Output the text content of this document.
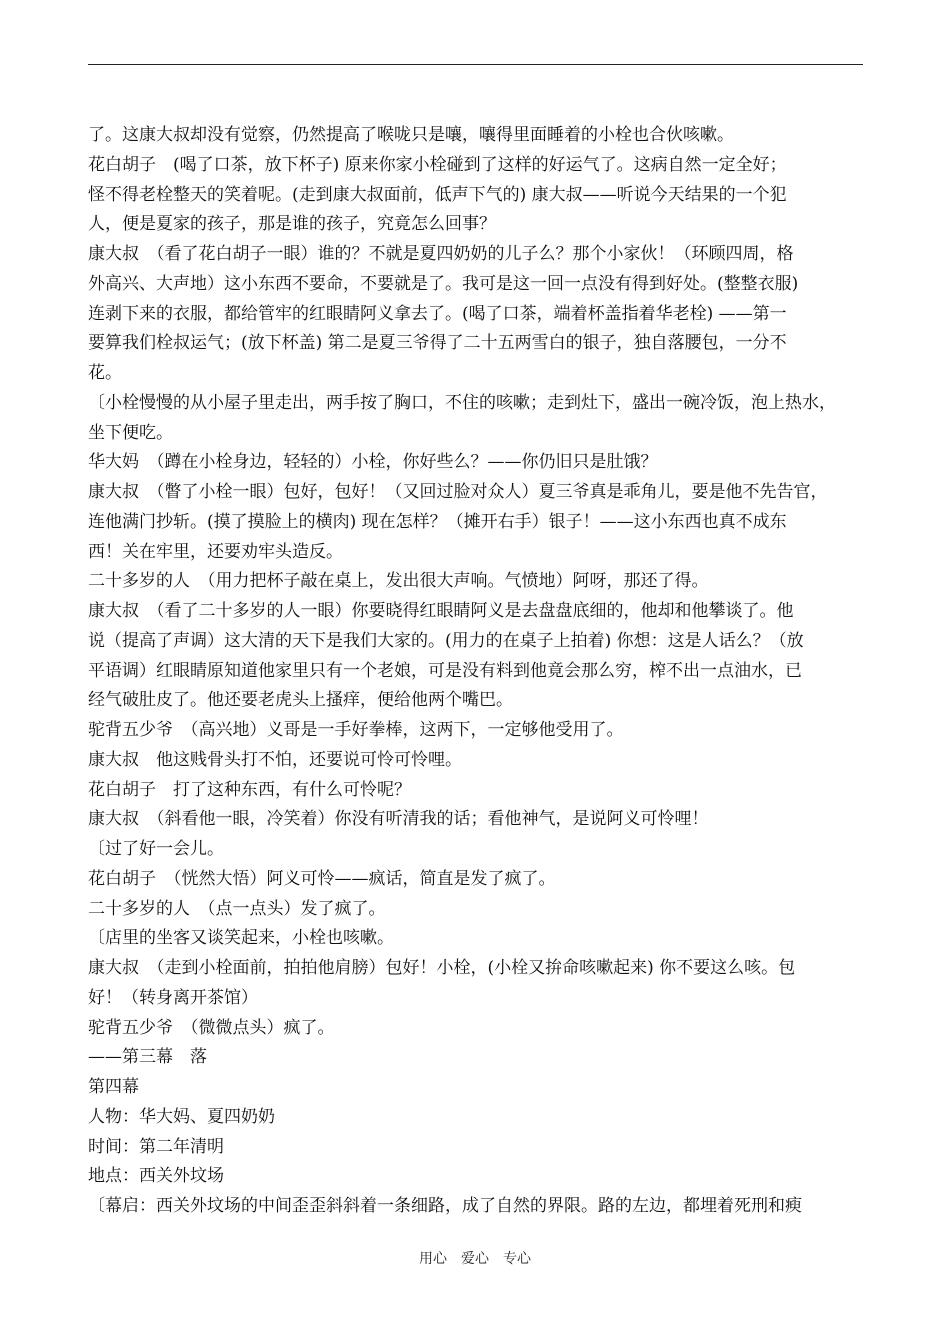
了。这康大叔却没有觉察，仍然提高了喉咙只是嚷，嚷得里面睡着的小栓也合伙咳嗽。
花白胡子　(喝了口茶，放下杯子) 原来你家小栓碰到了这样的好运气了。这病自然一定全好；
怪不得老栓整天的笑着呢。(走到康大叔面前，低声下气的) 康大叔——听说今天结果的一个犯
人，便是夏家的孩子，那是谁的孩子，究竟怎么回事？
康大叔　（看了花白胡子一眼）谁的？不就是夏四奶奶的儿子么？那个小家伙！（环顾四周，格
外高兴、大声地）这小东西不要命，不要就是了。我可是这一回一点没有得到好处。(整整衣服)
连剥下来的衣服，都给管牢的红眼睛阿义拿去了。(喝了口茶，端着杯盖指着华老栓) ——第一
要算我们栓叔运气；(放下杯盖) 第二是夏三爷得了二十五两雪白的银子，独自落腰包，一分不
花。
〔小栓慢慢的从小屋子里走出，两手按了胸口，不住的咳嗽；走到灶下，盛出一碗冷饭，泡上热水，
坐下便吃。
华大妈　（蹲在小栓身边，轻轻的）小栓，你好些么？——你仍旧只是肚饿？
康大叔　（瞥了小栓一眼）包好，包好！（又回过脸对众人）夏三爷真是乖角儿，要是他不先告官，
连他满门抄斩。(摸了摸脸上的横肉) 现在怎样？（摊开右手）银子！——这小东西也真不成东
西！关在牢里，还要劝牢头造反。
二十多岁的人　（用力把杯子敲在桌上，发出很大声响。气愤地）阿呀，那还了得。
康大叔　（看了二十多岁的人一眼）你要晓得红眼睛阿义是去盘盘底细的，他却和他攀谈了。他
说（提高了声调）这大清的天下是我们大家的。(用力的在桌子上拍着) 你想：这是人话么？（放
平语调）红眼睛原知道他家里只有一个老娘，可是没有料到他竟会那么穷，榨不出一点油水，已
经气破肚皮了。他还要老虎头上搔痒，便给他两个嘴巴。
驼背五少爷　（高兴地）义哥是一手好拳棒，这两下，一定够他受用了。
康大叔　他这贱骨头打不怕，还要说可怜可怜哩。
花白胡子　打了这种东西，有什么可怜呢？
康大叔　（斜看他一眼，冷笑着）你没有听清我的话；看他神气，是说阿义可怜哩！
〔过了好一会儿。
花白胡子　（恍然大悟）阿义可怜——疯话，简直是发了疯了。
二十多岁的人　（点一点头）发了疯了。
〔店里的坐客又谈笑起来，小栓也咳嗽。
康大叔　（走到小栓面前，拍拍他肩膀）包好！小栓，(小栓又拚命咳嗽起来) 你不要这么咳。包
好！（转身离开茶馆）
驼背五少爷　（微微点头）疯了。
——第三幕　落
第四幕
人物：华大妈、夏四奶奶
时间：第二年清明
地点：西关外坟场
〔幕启：西关外坟场的中间歪歪斜斜着一条细路，成了自然的界限。路的左边，都埋着死刑和瘐
用心　爱心　专心
